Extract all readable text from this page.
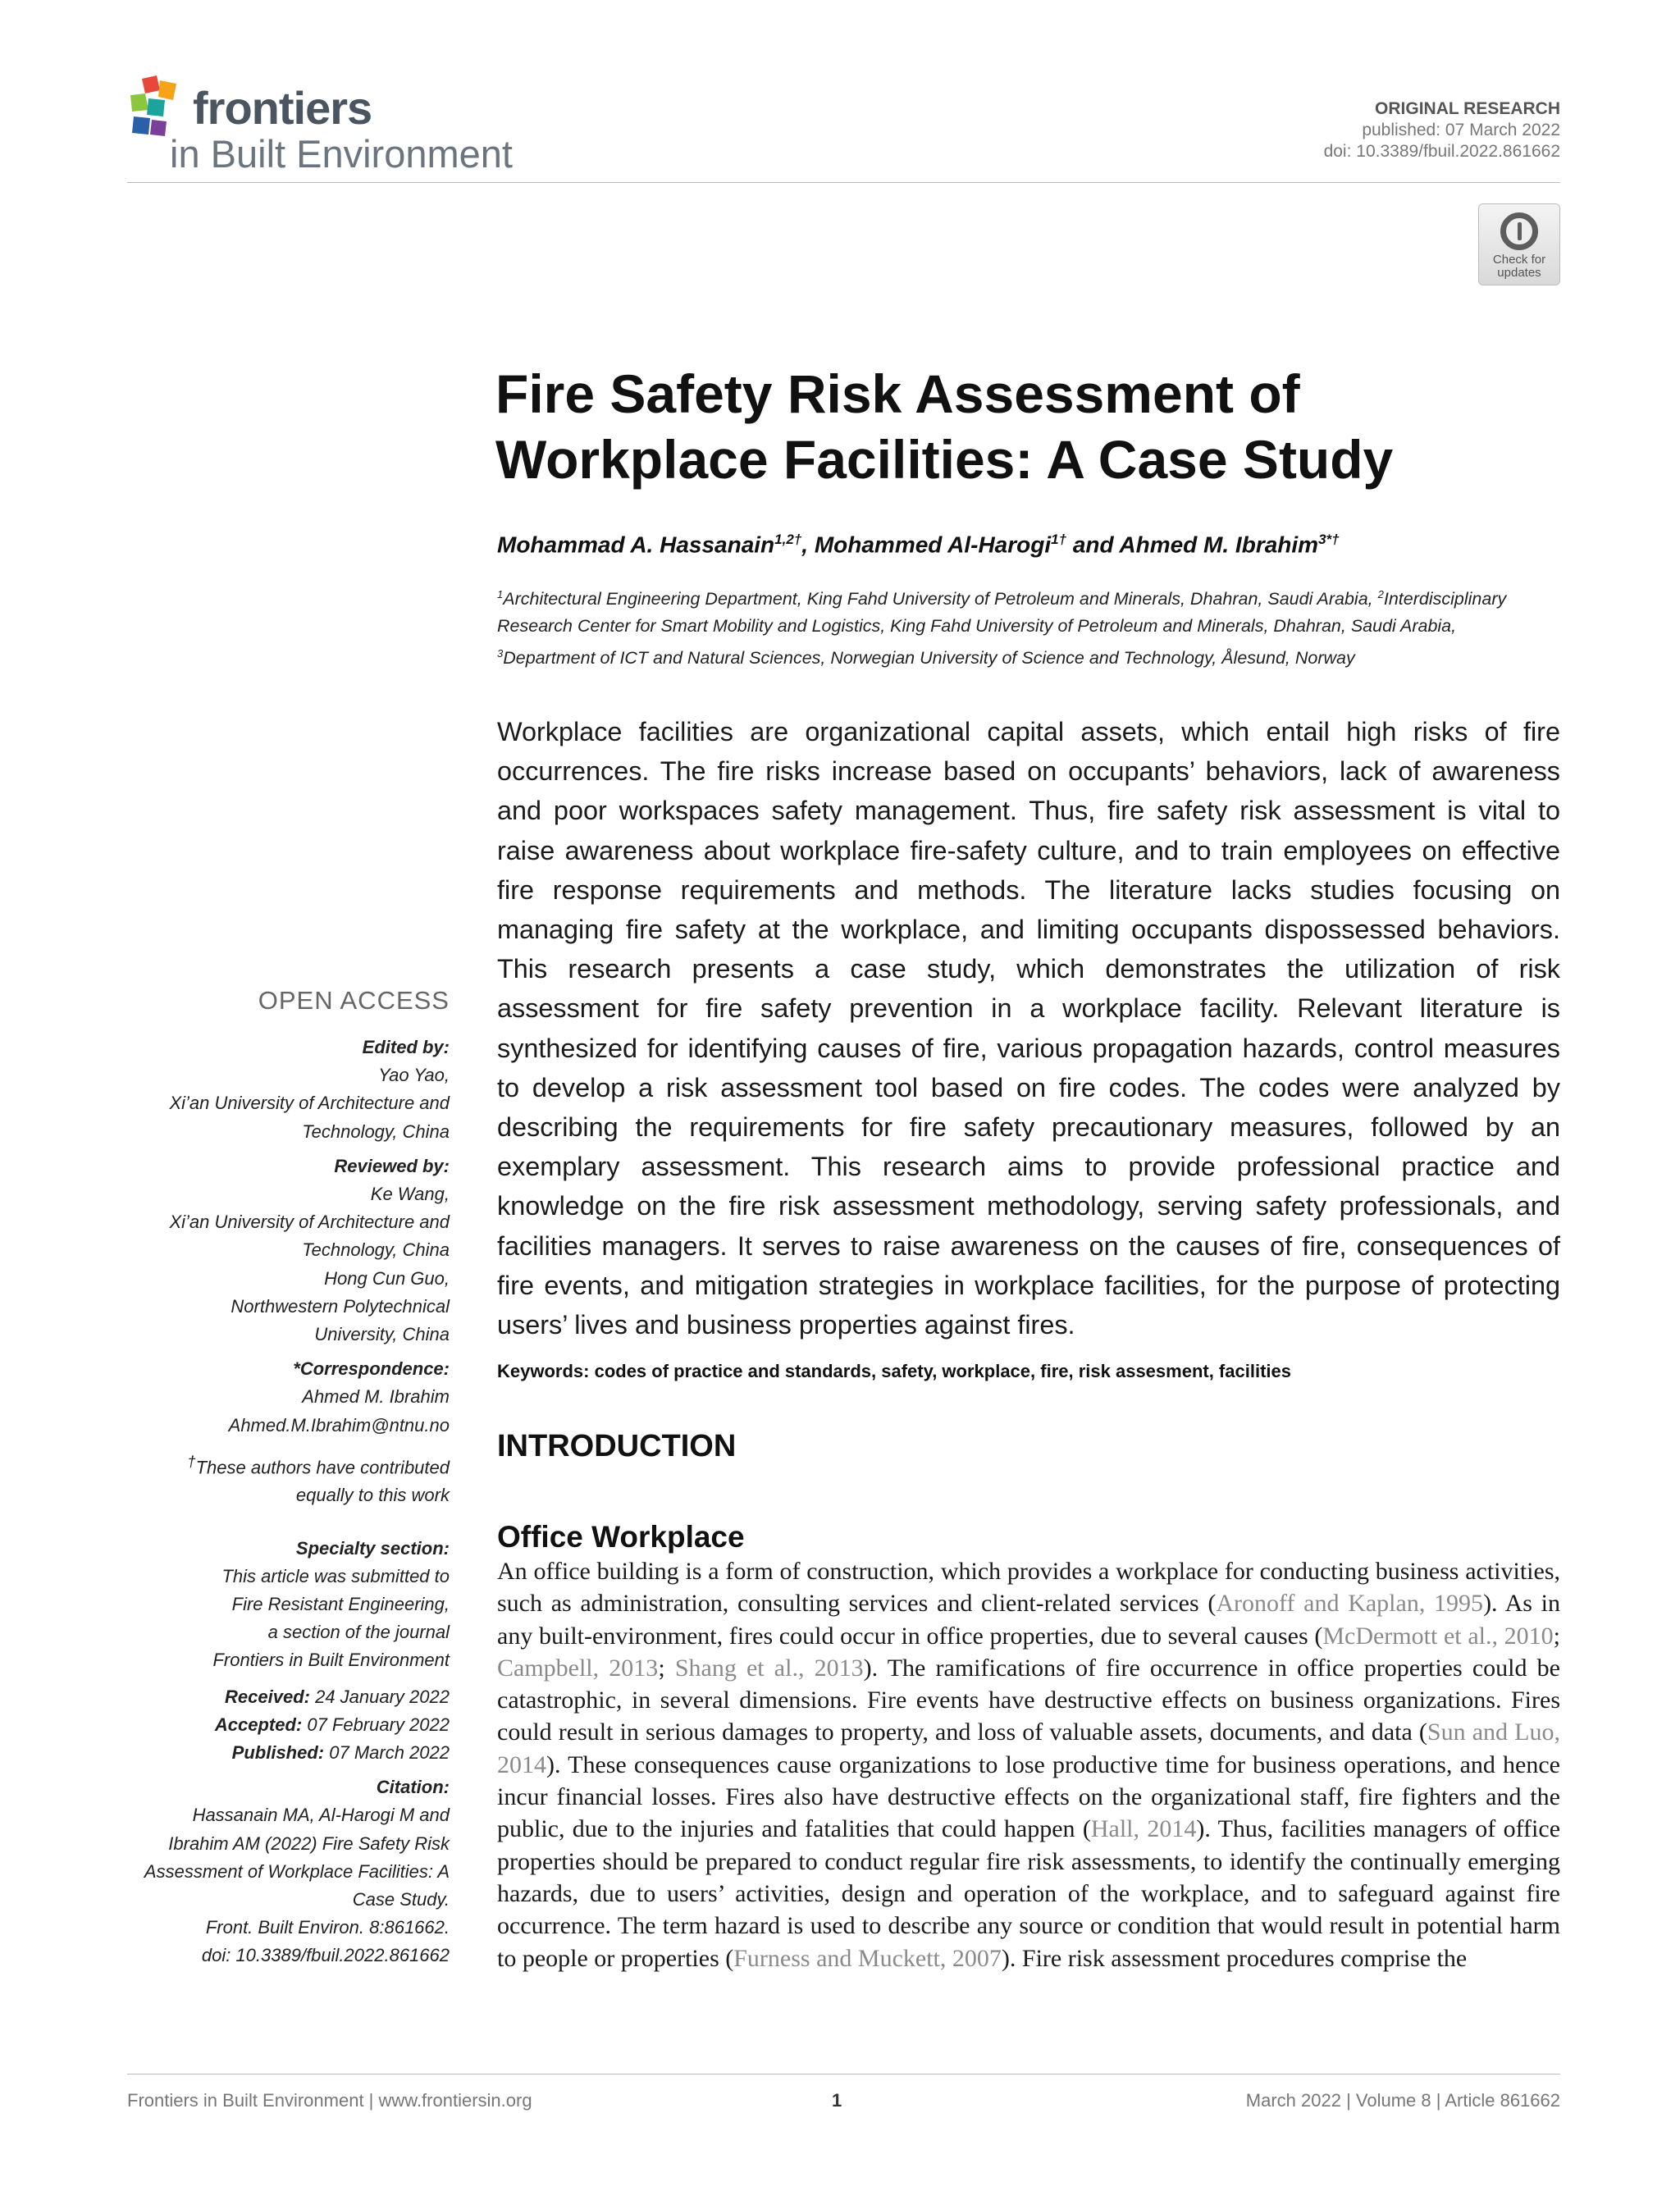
frontiers
in Built Environment
ORIGINAL RESEARCH
published: 07 March 2022
doi: 10.3389/fbuil.2022.861662
Check for
updates
Fire Safety Risk Assessment of
Workplace Facilities: A Case Study
Mohammad A. Hassanain$^{1,2\dagger}$, Mohammed Al-Harogi$^{1\dagger}$ and Ahmed M. Ibrahim$^{3*\dagger}$
$^1$Architectural Engineering Department, King Fahd University of Petroleum and Minerals, Dhahran, Saudi Arabia, $^2$Interdisciplinary Research Center for Smart Mobility and Logistics, King Fahd University of Petroleum and Minerals, Dhahran, Saudi Arabia,
$^3$Department of ICT and Natural Sciences, Norwegian University of Science and Technology, Ålesund, Norway

Workplace facilities are organizational capital assets, which entail high risks of fire occurrences. The fire risks increase based on occupants’ behaviors, lack of awareness and poor workspaces safety management. Thus, fire safety risk assessment is vital to raise awareness about workplace fire-safety culture, and to train employees on effective fire response requirements and methods. The literature lacks studies focusing on managing fire safety at the workplace, and limiting occupants dispossessed behaviors. This research presents a case study, which demonstrates the utilization of risk assessment for fire safety prevention in a workplace facility. Relevant literature is synthesized for identifying causes of fire, various propagation hazards, control measures to develop a risk assessment tool based on fire codes. The codes were analyzed by describing the requirements for fire safety precautionary measures, followed by an exemplary assessment. This research aims to provide professional practice and knowledge on the fire risk assessment methodology, serving safety professionals, and facilities managers. It serves to raise awareness on the causes of fire, consequences of fire events, and mitigation strategies in workplace facilities, for the purpose of protecting users’ lives and business properties against fires.

Keywords: codes of practice and standards, safety, workplace, fire, risk assesment, facilities
INTRODUCTION
Office Workplace

An office building is a form of construction, which provides a workplace for conducting business activities, such as administration, consulting services and client-related services (Aronoff and Kaplan, 1995). As in any built-environment, fires could occur in office properties, due to several causes (McDermott et al., 2010; Campbell, 2013; Shang et al., 2013). The ramifications of fire occurrence in office properties could be catastrophic, in several dimensions. Fire events have destructive effects on business organizations. Fires could result in serious damages to property, and loss of valuable assets, documents, and data (Sun and Luo, 2014). These consequences cause organizations to lose productive time for business operations, and hence incur financial losses. Fires also have destructive effects on the organizational staff, fire fighters and the public, due to the injuries and fatalities that could happen (Hall, 2014). Thus, facilities managers of office properties should be prepared to conduct regular fire risk assessments, to identify the continually emerging hazards, due to users’ activities, design and operation of the workplace, and to safeguard against fire occurrence. The term hazard is used to describe any source or condition that would result in potential harm to people or properties (Furness and Muckett, 2007). Fire risk assessment procedures comprise the

OPEN ACCESS
Edited by:
Yao Yao,
Xi’an University of Architecture and
Technology, China
Reviewed by:
Ke Wang,
Xi’an University of Architecture and
Technology, China
Hong Cun Guo,
Northwestern Polytechnical
University, China
*Correspondence:
Ahmed M. Ibrahim
Ahmed.M.Ibrahim@ntnu.no
†These authors have contributed
equally to this work
Specialty section:
This article was submitted to
Fire Resistant Engineering,
a section of the journal
Frontiers in Built Environment
Received: 24 January 2022
Accepted: 07 February 2022
Published: 07 March 2022
Citation:
Hassanain MA, Al-Harogi M and
Ibrahim AM (2022) Fire Safety Risk
Assessment of Workplace Facilities: A
Case Study.
Front. Built Environ. 8:861662.
doi: 10.3389/fbuil.2022.861662
Frontiers in Built Environment | www.frontiersin.org	1	March 2022 | Volume 8 | Article 861662
